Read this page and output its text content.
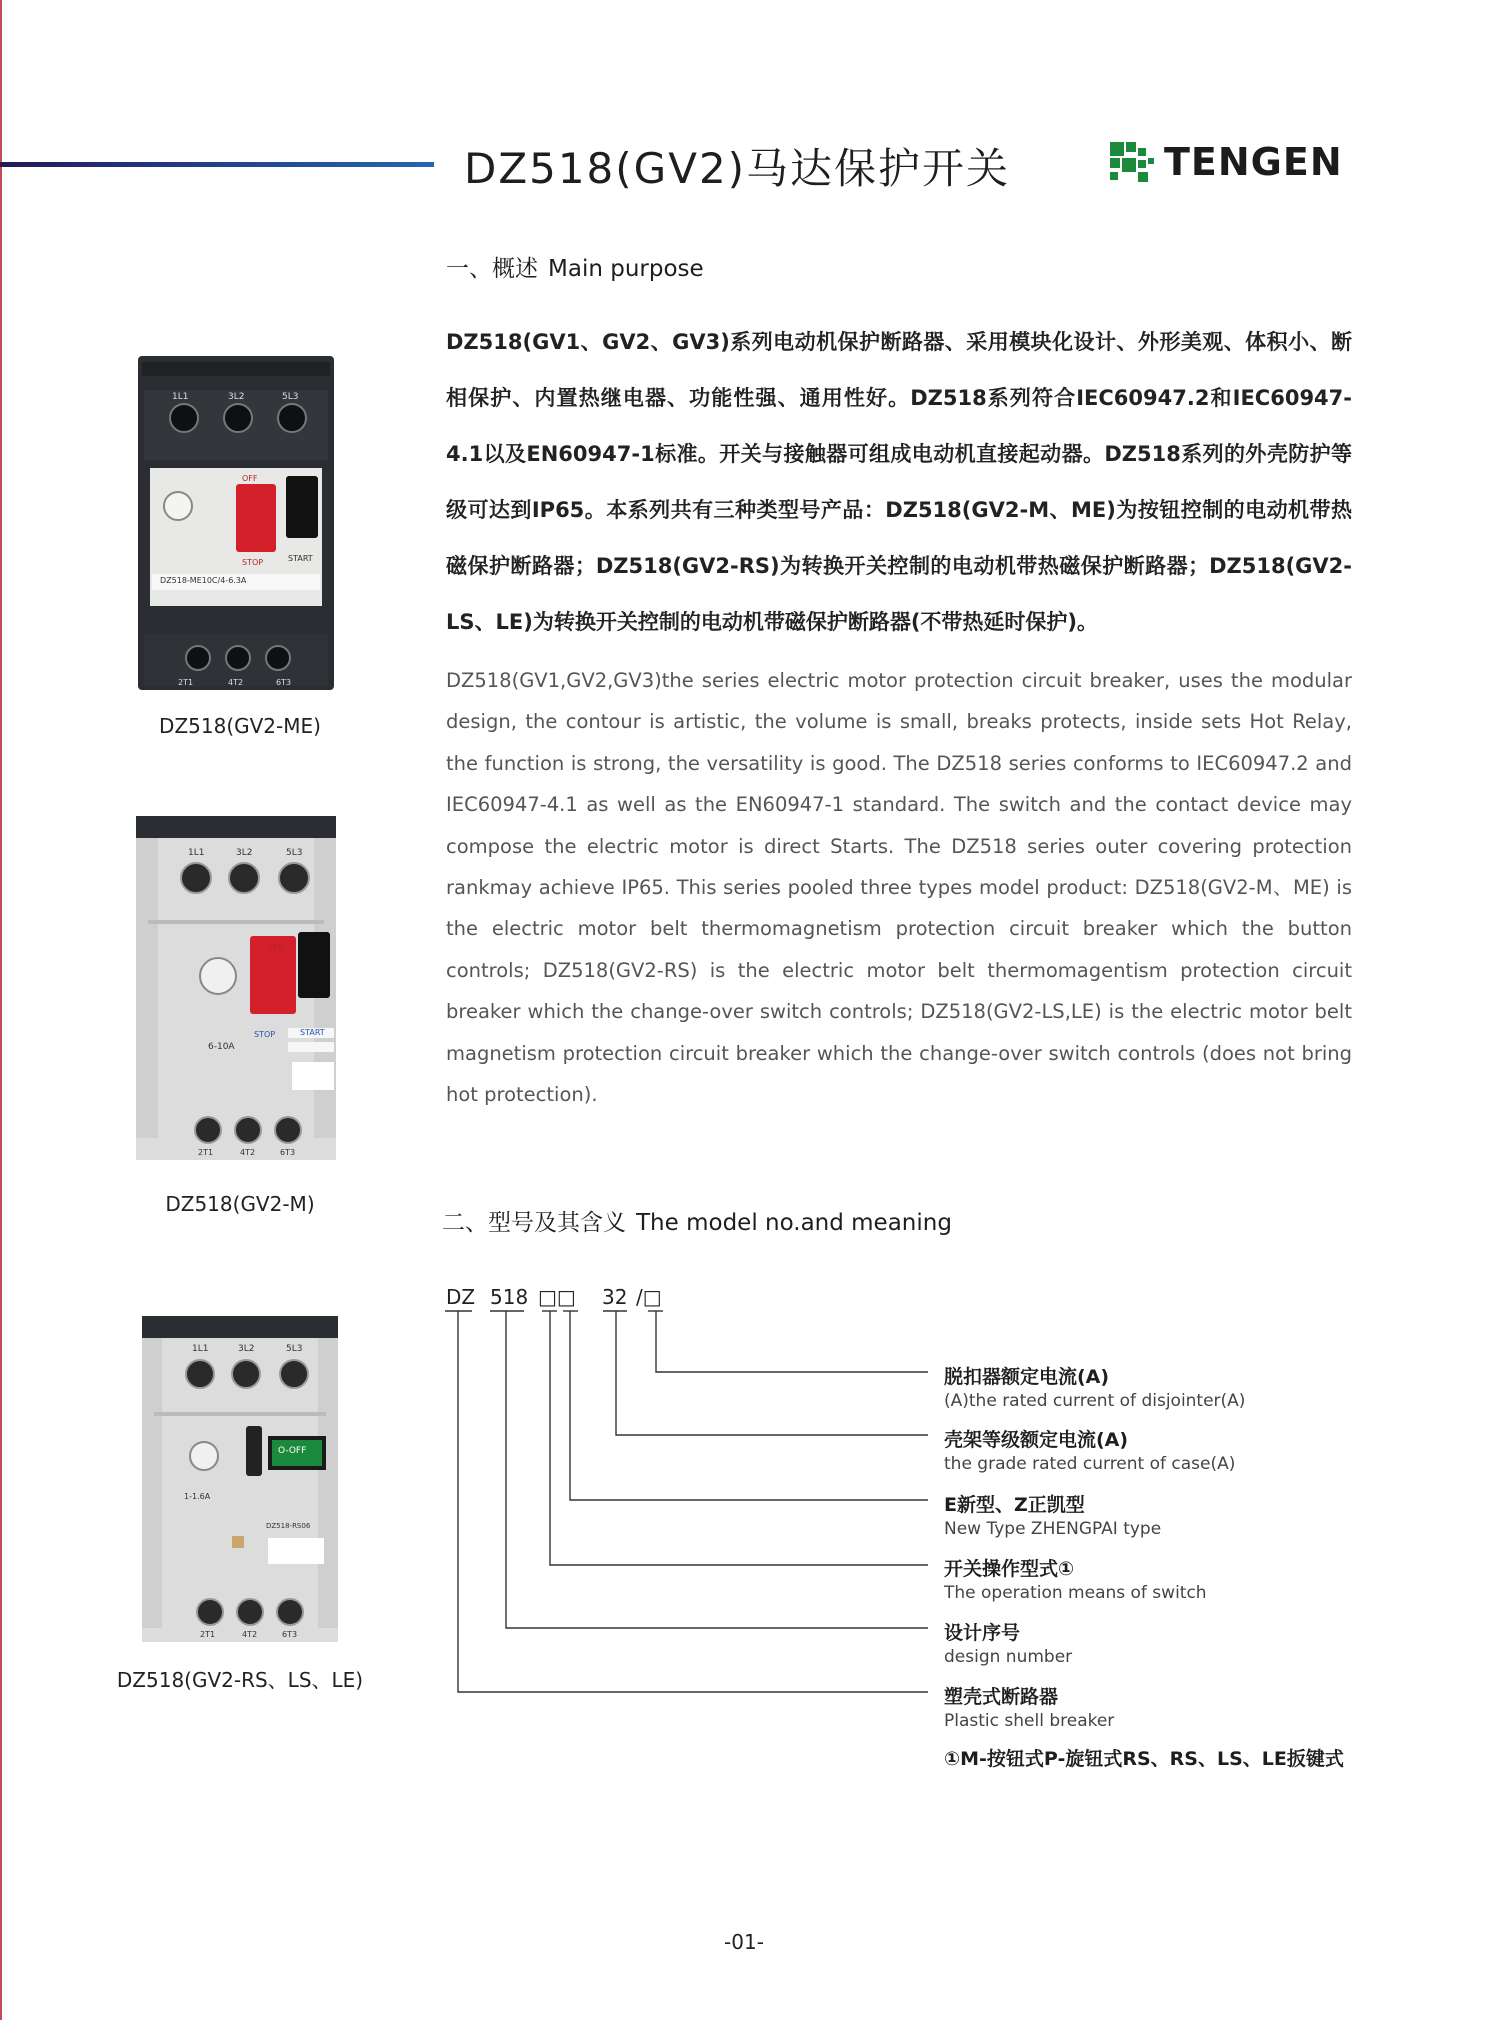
DZ518(GV2)马达保护开关	TENGEN
一、概述 Main purpose
DZ518(GV1、GV2、GV3)系列电动机保护断路器、采用模块化设计、外形美观、体积小、断相保护、内置热继电器、功能性强、通用性好。DZ518系列符合IEC60947.2和IEC60947-4.1以及EN60947-1标准。开关与接触器可组成电动机直接起动器。DZ518系列的外壳防护等级可达到IP65。本系列共有三种类型号产品：DZ518(GV2-M、ME)为按钮控制的电动机带热磁保护断路器；DZ518(GV2-RS)为转换开关控制的电动机带热磁保护断路器；DZ518(GV2-LS、LE)为转换开关控制的电动机带磁保护断路器(不带热延时保护)。
DZ518(GV1,GV2,GV3)the series electric motor protection circuit breaker, uses the modular design, the contour is artistic, the volume is small, breaks protects, inside sets Hot Relay, the function is strong, the versatility is good. The DZ518 series conforms to IEC60947.2 and IEC60947-4.1 as well as the EN60947-1 standard. The switch and the contact device may compose the electric motor is direct Starts. The DZ518 series outer covering protection rankmay achieve IP65. This series pooled three types model product: DZ518(GV2-M、ME) is the electric motor belt thermomagnetism protection circuit breaker which the button controls; DZ518(GV2-RS) is the electric motor belt thermomagentism protection circuit breaker which the change-over switch controls; DZ518(GV2-LS,LE) is the electric motor belt magnetism protection circuit breaker which the change-over switch controls (does not bring hot protection).
1L1	3L2	5L3
OFF
STOP	START
DZ518-ME10C/4-6.3A
2T1	4T2	6T3
DZ518(GV2-ME)
1L1	3L2	5L3
OFF
STOP	START
6-10A
2T1	4T2	6T3
DZ518(GV2-M)
1L1	3L2	5L3
O-OFF
1-1.6A
DZ518-RS06
2T1	4T2	6T3
DZ518(GV2-RS、LS、LE)
二、型号及其含义 The model no.and meaning
DZ 518 □□ 32 /□
脱扣器额定电流(A)
(A)the rated current of disjointer(A)
壳架等级额定电流(A)
the grade rated current of case(A)
E新型、Z正凯型
New Type ZHENGPAI type
开关操作型式①
The operation means of switch
设计序号
design number
塑壳式断路器
Plastic shell breaker
①M-按钮式P-旋钮式RS、RS、LS、LE扳键式
-01-
